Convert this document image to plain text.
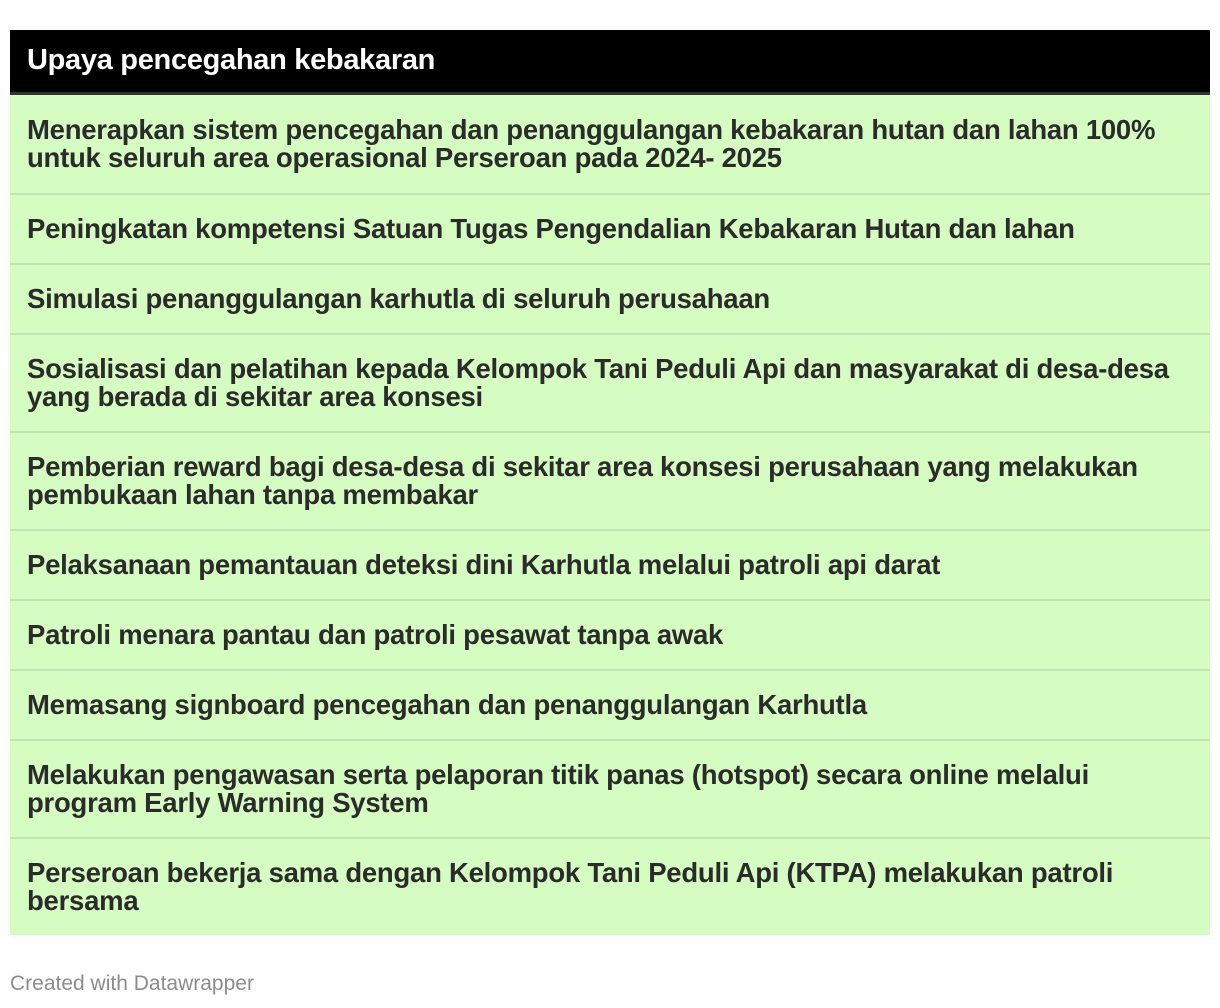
Upaya pencegahan kebakaran
Menerapkan sistem pencegahan dan penanggulangan kebakaran hutan dan lahan 100% untuk seluruh area operasional Perseroan pada 2024- 2025
Peningkatan kompetensi Satuan Tugas Pengendalian Kebakaran Hutan dan lahan
Simulasi penanggulangan karhutla di seluruh perusahaan
Sosialisasi dan pelatihan kepada Kelompok Tani Peduli Api dan masyarakat di desa-desa yang berada di sekitar area konsesi
Pemberian reward bagi desa-desa di sekitar area konsesi perusahaan yang melakukan pembukaan lahan tanpa membakar
Pelaksanaan pemantauan deteksi dini Karhutla melalui patroli api darat
Patroli menara pantau dan patroli pesawat tanpa awak
Memasang signboard pencegahan dan penanggulangan Karhutla
Melakukan pengawasan serta pelaporan titik panas (hotspot) secara online melalui program Early Warning System
Perseroan bekerja sama dengan Kelompok Tani Peduli Api (KTPA) melakukan patroli bersama
Created with Datawrapper
